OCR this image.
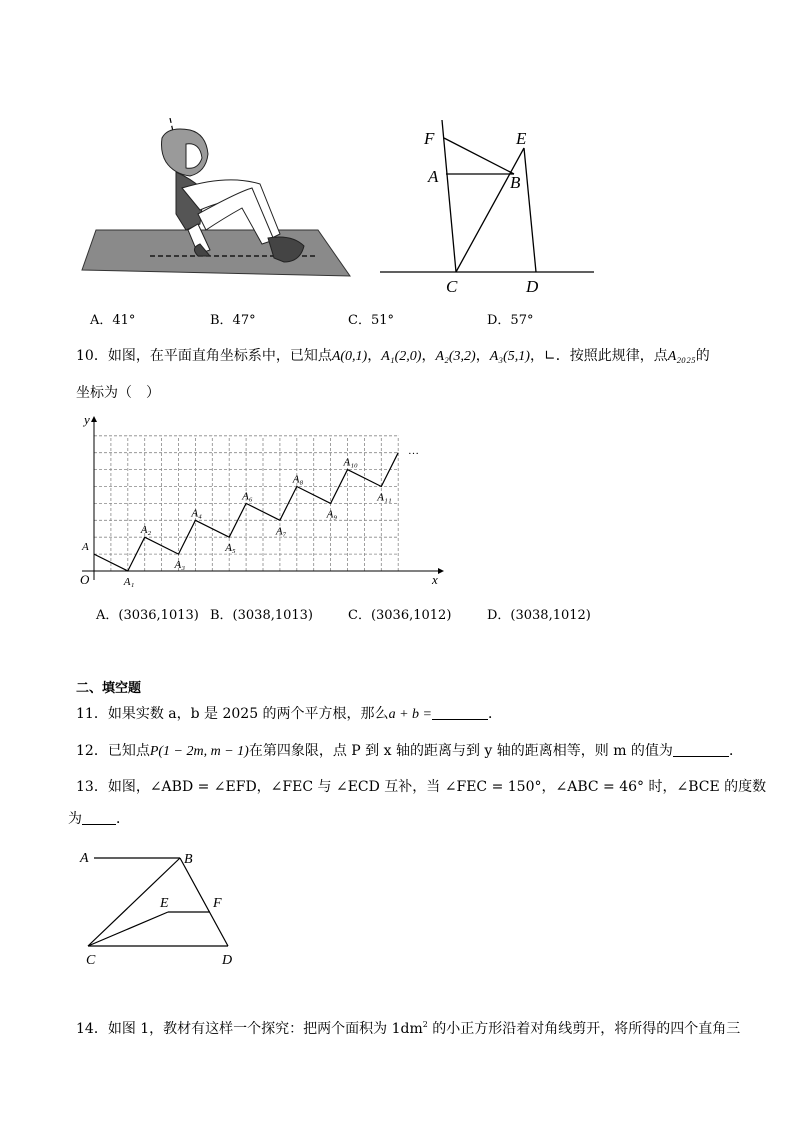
F	E
A	B
C	D
A．41°	B．47°	C．51°	D．57°
10．如图，在平面直角坐标系中，已知点A(0,1)，A₁(2,0)，A₂(3,2)，A₃(5,1)，∟．按照此规律，点A₂₀₂₅的
坐标为（　）
y
x
O
…
A
A₁
A₂
A₃
A₄
A₅
A₆
A₇
A₈
A₉
A₁₀
A₁₁
A．(3036,1013) B．(3038,1013)	C．(3036,1012)	D．(3038,1012)
二、填空题
11．如果实数 a，b 是 2025 的两个平方根，那么a + b =	．
12．已知点P(1 − 2m, m − 1)在第四象限，点 P 到 x 轴的距离与到 y 轴的距离相等，则 m 的值为	．
13．如图，∠ABD = ∠EFD，∠FEC 与 ∠ECD 互补，当 ∠FEC = 150°，∠ABC = 46° 时，∠BCE 的度数
为 ．
A	B
E	F
C	D
14．如图 1，教材有这样一个探究：把两个面积为 $1dm^2$ 的小正方形沿着对角线剪开，将所得的四个直角三
